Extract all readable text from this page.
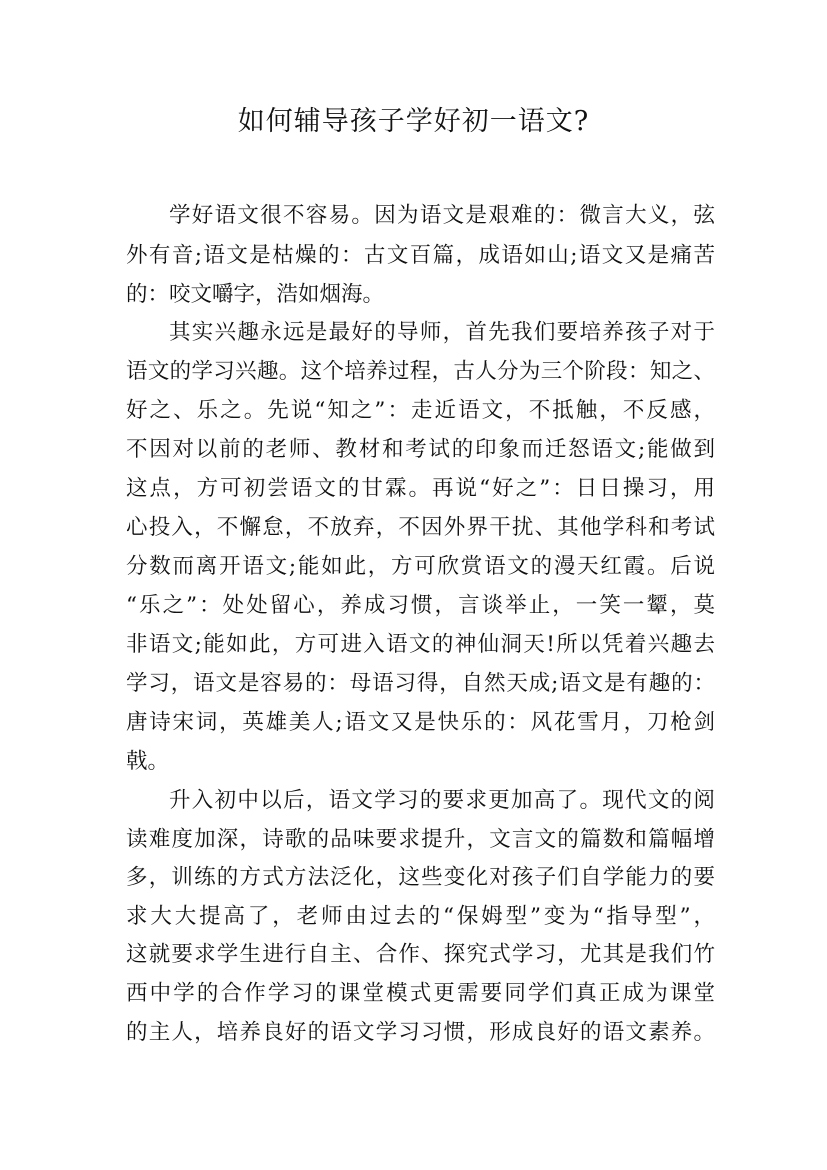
如何辅导孩子学好初一语文?

学好语文很不容易。因为语文是艰难的：微言大义，弦

外有音;语文是枯燥的：古文百篇，成语如山;语文又是痛苦

的：咬文嚼字，浩如烟海。

其实兴趣永远是最好的导师，首先我们要培养孩子对于

语文的学习兴趣。这个培养过程，古人分为三个阶段：知之、

好之、乐之。先说“知之”：走近语文，不抵触，不反感，

不因对以前的老师、教材和考试的印象而迁怒语文;能做到

这点，方可初尝语文的甘霖。再说“好之”：日日操习，用

心投入，不懈怠，不放弃，不因外界干扰、其他学科和考试

分数而离开语文;能如此，方可欣赏语文的漫天红霞。后说

“乐之”：处处留心，养成习惯，言谈举止，一笑一颦，莫

非语文;能如此，方可进入语文的神仙洞天!所以凭着兴趣去

学习，语文是容易的：母语习得，自然天成;语文是有趣的：

唐诗宋词，英雄美人;语文又是快乐的：风花雪月，刀枪剑

戟。

升入初中以后，语文学习的要求更加高了。现代文的阅

读难度加深，诗歌的品味要求提升，文言文的篇数和篇幅增

多，训练的方式方法泛化，这些变化对孩子们自学能力的要

求大大提高了，老师由过去的“保姆型”变为“指导型”，

这就要求学生进行自主、合作、探究式学习，尤其是我们竹

西中学的合作学习的课堂模式更需要同学们真正成为课堂

的主人，培养良好的语文学习习惯，形成良好的语文素养。
